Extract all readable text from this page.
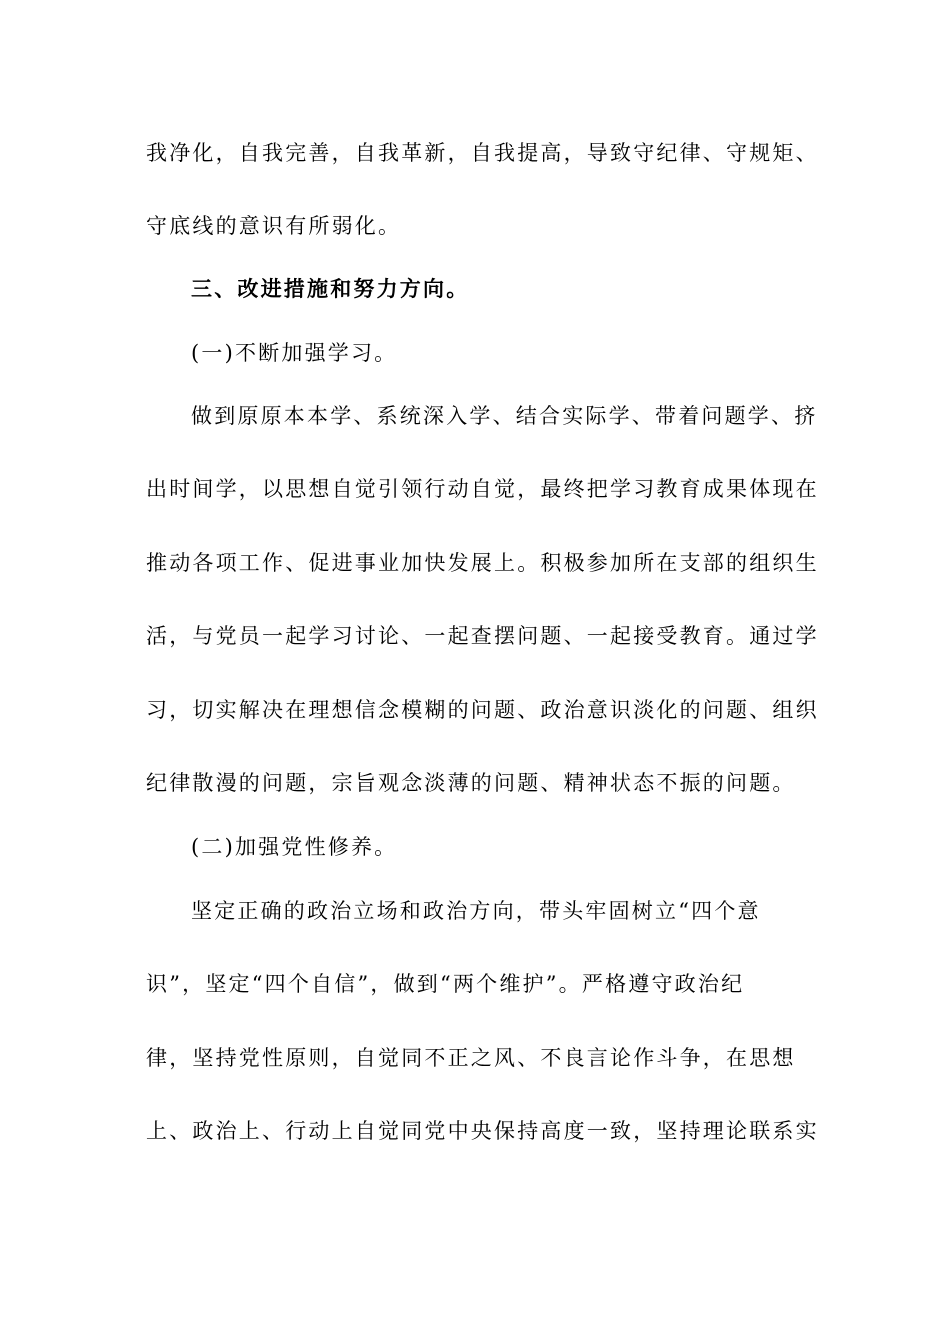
我净化，自我完善，自我革新，自我提高，导致守纪律、守规矩、
守底线的意识有所弱化。
三、改进措施和努力方向。
(一)不断加强学习。
做到原原本本学、系统深入学、结合实际学、带着问题学、挤
出时间学，以思想自觉引领行动自觉，最终把学习教育成果体现在
推动各项工作、促进事业加快发展上。积极参加所在支部的组织生
活，与党员一起学习讨论、一起查摆问题、一起接受教育。通过学
习，切实解决在理想信念模糊的问题、政治意识淡化的问题、组织
纪律散漫的问题，宗旨观念淡薄的问题、精神状态不振的问题。
(二)加强党性修养。
坚定正确的政治立场和政治方向，带头牢固树立“四个意
识”，坚定“四个自信”，做到“两个维护”。严格遵守政治纪
律，坚持党性原则，自觉同不正之风、不良言论作斗争，在思想
上、政治上、行动上自觉同党中央保持高度一致，坚持理论联系实
